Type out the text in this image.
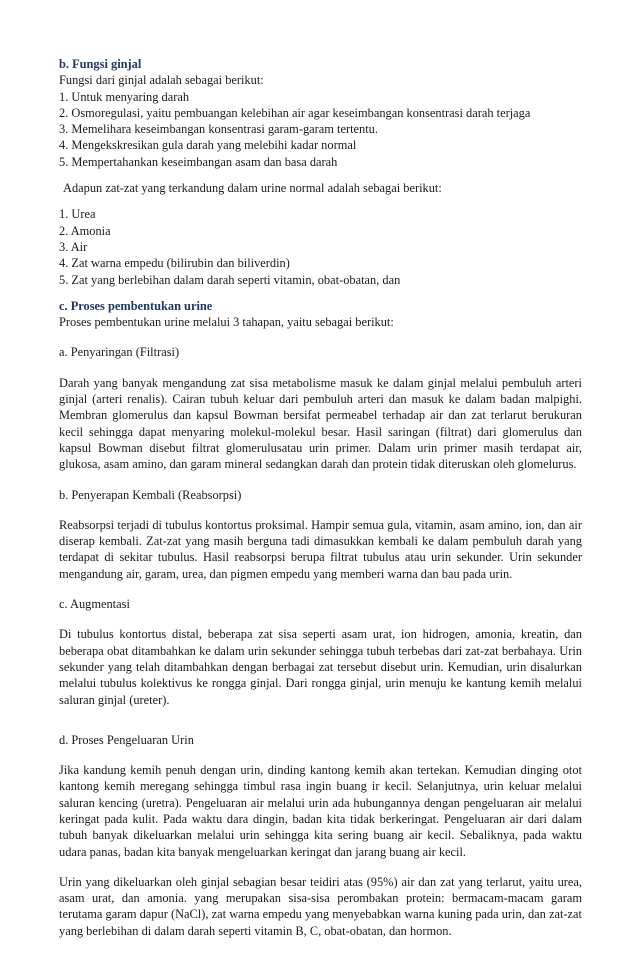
b. Fungsi ginjal
Fungsi dari ginjal adalah sebagai berikut:
1. Untuk menyaring darah
2. Osmoregulasi, yaitu pembuangan kelebihan air agar keseimbangan konsentrasi darah terjaga
3. Memelihara keseimbangan konsentrasi garam-garam tertentu.
4. Mengekskresikan gula darah yang melebihi kadar normal
5. Mempertahankan keseimbangan asam dan basa darah
Adapun zat-zat yang terkandung dalam urine normal adalah sebagai berikut:
1. Urea
2. Amonia
3. Air
4. Zat warna empedu (bilirubin dan biliverdin)
5. Zat yang berlebihan dalam darah seperti vitamin, obat-obatan, dan
c. Proses pembentukan urine
Proses pembentukan urine melalui 3 tahapan, yaitu sebagai berikut:
a. Penyaringan (Filtrasi)

Darah yang banyak mengandung zat sisa metabolisme masuk ke dalam ginjal melalui pembuluh arteri ginjal (arteri renalis). Cairan tubuh keluar dari pembuluh arteri dan masuk ke dalam badan malpighi. Membran glomerulus dan kapsul Bowman bersifat permeabel terhadap air dan zat terlarut berukuran kecil sehingga dapat menyaring molekul-molekul besar. Hasil saringan (filtrat) dari glomerulus dan kapsul Bowman disebut filtrat glomerulusatau urin primer. Dalam urin primer masih terdapat air, glukosa, asam amino, dan garam mineral sedangkan darah dan protein tidak diteruskan oleh glomelurus.

b. Penyerapan Kembali (Reabsorpsi)

Reabsorpsi terjadi di tubulus kontortus proksimal. Hampir semua gula, vitamin, asam amino, ion, dan air diserap kembali. Zat-zat yang masih berguna tadi dimasukkan kembali ke dalam pembuluh darah yang terdapat di sekitar tubulus. Hasil reabsorpsi berupa filtrat tubulus atau urin sekunder. Urin sekunder mengandung air, garam, urea, dan pigmen empedu yang memberi warna dan bau pada urin.

c. Augmentasi

Di tubulus kontortus distal, beberapa zat sisa seperti asam urat, ion hidrogen, amonia, kreatin, dan beberapa obat ditambahkan ke dalam urin sekunder sehingga tubuh terbebas dari zat-zat berbahaya. Urin sekunder yang telah ditambahkan dengan berbagai zat tersebut disebut urin. Kemudian, urin disalurkan melalui tubulus kolektivus ke rongga ginjal. Dari rongga ginjal, urin menuju ke kantung kemih melalui saluran ginjal (ureter).

d. Proses Pengeluaran Urin

Jika kandung kemih penuh dengan urin, dinding kantong kemih akan tertekan. Kemudian dinging otot kantong kemih meregang sehingga timbul rasa ingin buang ir kecil. Selanjutnya, urin keluar melalui saluran kencing (uretra). Pengeluaran air melalui urin ada hubungannya dengan pengeluaran air melalui keringat pada kulit. Pada waktu dara dingin, badan kita tidak berkeringat. Pengeluaran air dari dalam tubuh banyak dikeluarkan melalui urin sehingga kita sering buang air kecil. Sebaliknya, pada waktu udara panas, badan kita banyak mengeluarkan keringat dan jarang buang air kecil.

Urin yang dikeluarkan oleh ginjal sebagian besar teidiri atas (95%) air dan zat yang terlarut, yaitu urea, asam urat, dan amonia. yang merupakan sisa-sisa perombakan protein: bermacam-macam garam terutama garam dapur (NaCl), zat warna empedu yang menyebabkan warna kuning pada urin, dan zat-zat yang berlebihan di dalam darah seperti vitamin B, C, obat-obatan, dan hormon.
